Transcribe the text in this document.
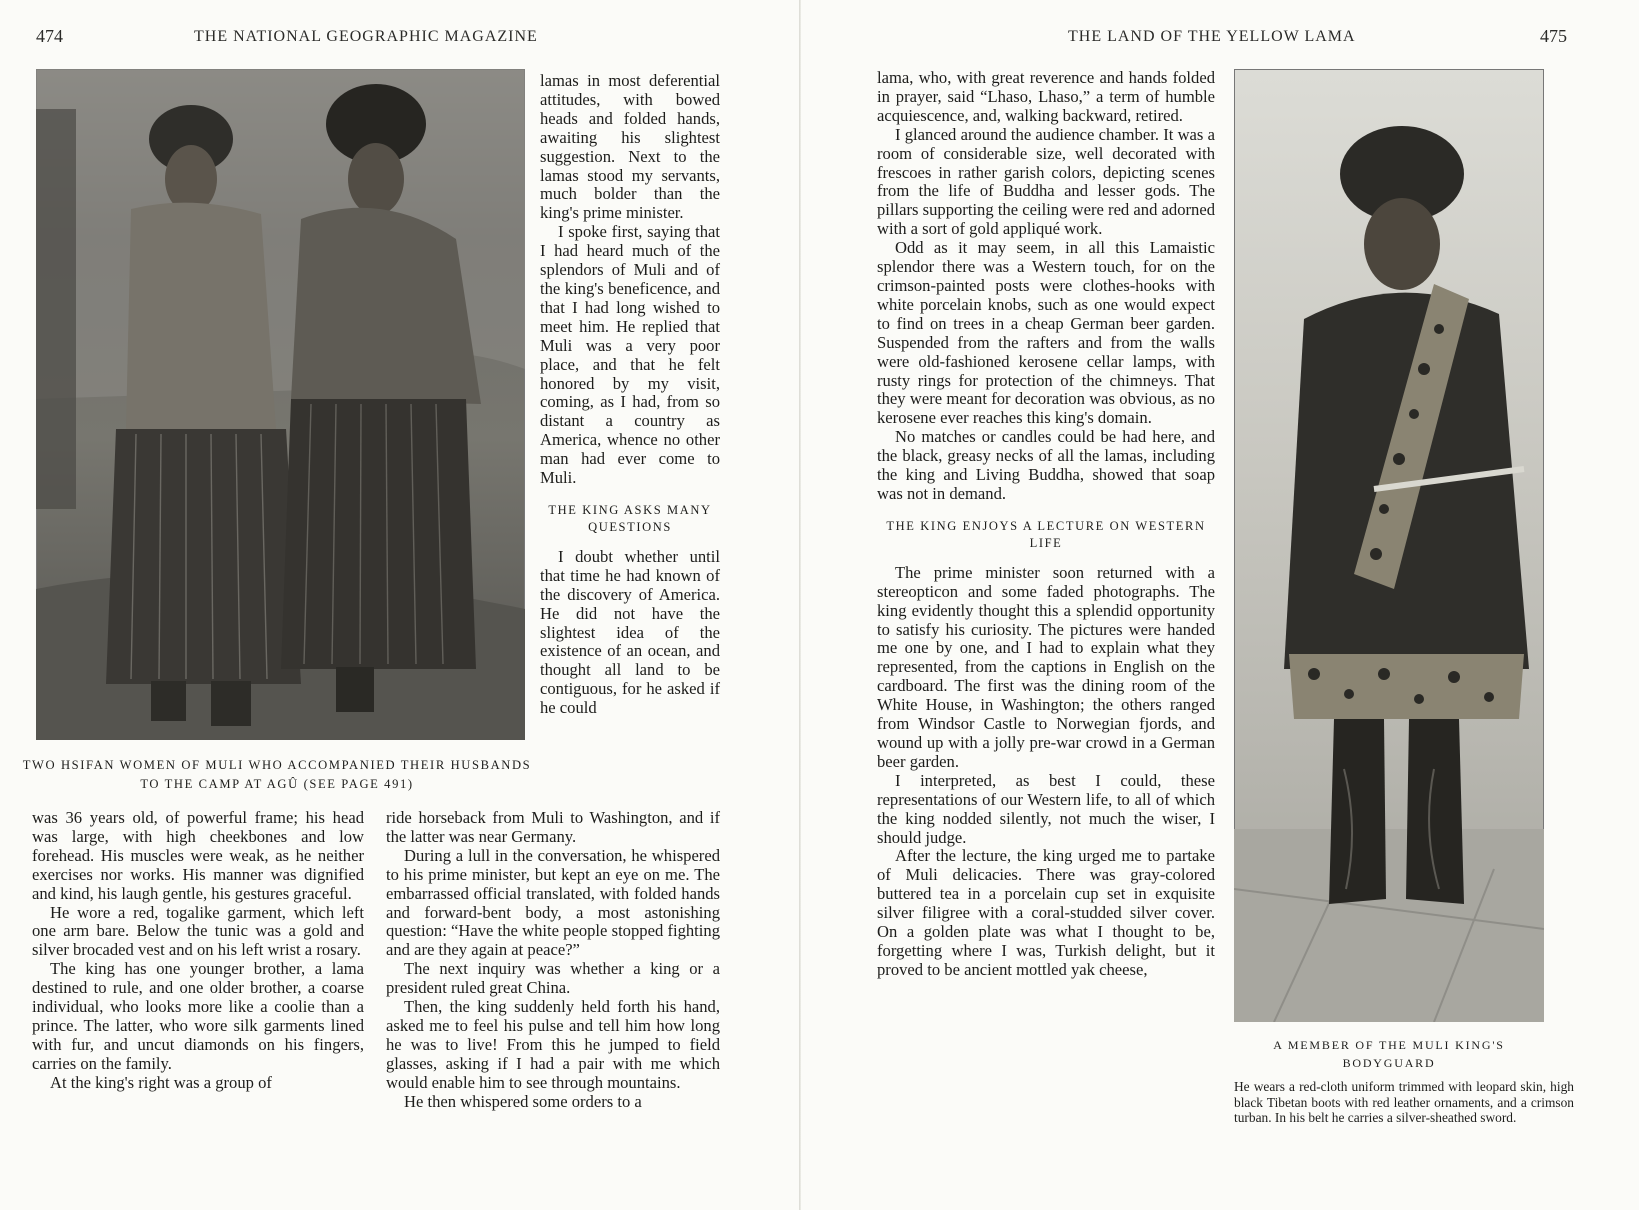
474	THE NATIONAL GEOGRAPHIC MAGAZINE
TWO HSIFAN WOMEN OF MULI WHO ACCOMPANIED THEIR HUSBANDS TO THE CAMP AT AGÛ (SEE PAGE 491)

lamas in most deferential attitudes, with bowed heads and folded hands, awaiting his slightest suggestion. Next to the lamas stood my servants, much bolder than the king's prime minister.

I spoke first, saying that I had heard much of the splendors of Muli and of the king's beneficence, and that I had long wished to meet him. He replied that Muli was a very poor place, and that he felt honored by my visit, coming, as I had, from so distant a country as America, whence no other man had ever come to Muli.

THE KING ASKS MANY QUESTIONS

I doubt whether until that time he had known of the discovery of America. He did not have the slightest idea of the existence of an ocean, and thought all land to be contiguous, for he asked if he could

was 36 years old, of powerful frame; his head was large, with high cheekbones and low forehead. His muscles were weak, as he neither exercises nor works. His manner was dignified and kind, his laugh gentle, his gestures graceful.

He wore a red, togalike garment, which left one arm bare. Below the tunic was a gold and silver brocaded vest and on his left wrist a rosary.

The king has one younger brother, a lama destined to rule, and one older brother, a coarse individual, who looks more like a coolie than a prince. The latter, who wore silk garments lined with fur, and uncut diamonds on his fingers, carries on the family.

At the king's right was a group of

ride horseback from Muli to Washington, and if the latter was near Germany.

During a lull in the conversation, he whispered to his prime minister, but kept an eye on me. The embarrassed official translated, with folded hands and forward-bent body, a most astonishing question: “Have the white people stopped fighting and are they again at peace?”

The next inquiry was whether a king or a president ruled great China.

Then, the king suddenly held forth his hand, asked me to feel his pulse and tell him how long he was to live! From this he jumped to field glasses, asking if I had a pair with me which would enable him to see through mountains.

He then whispered some orders to a

THE LAND OF THE YELLOW LAMA	475

lama, who, with great reverence and hands folded in prayer, said “Lhaso, Lhaso,” a term of humble acquiescence, and, walking backward, retired.

I glanced around the audience chamber. It was a room of considerable size, well decorated with frescoes in rather garish colors, depicting scenes from the life of Buddha and lesser gods. The pillars supporting the ceiling were red and adorned with a sort of gold appliqué work.

Odd as it may seem, in all this Lamaistic splendor there was a Western touch, for on the crimson-painted posts were clothes-hooks with white porcelain knobs, such as one would expect to find on trees in a cheap German beer garden. Suspended from the rafters and from the walls were old-fashioned kerosene cellar lamps, with rusty rings for protection of the chimneys. That they were meant for decoration was obvious, as no kerosene ever reaches this king's domain.

No matches or candles could be had here, and the black, greasy necks of all the lamas, including the king and Living Buddha, showed that soap was not in demand.

THE KING ENJOYS A LECTURE ON WESTERN LIFE

The prime minister soon returned with a stereopticon and some faded photographs. The king evidently thought this a splendid opportunity to satisfy his curiosity. The pictures were handed me one by one, and I had to explain what they represented, from the captions in English on the cardboard. The first was the dining room of the White House, in Washington; the others ranged from Windsor Castle to Norwegian fjords, and wound up with a jolly pre-war crowd in a German beer garden.

I interpreted, as best I could, these representations of our Western life, to all of which the king nodded silently, not much the wiser, I should judge.

After the lecture, the king urged me to partake of Muli delicacies. There was gray-colored buttered tea in a porcelain cup set in exquisite silver filigree with a coral-studded silver cover. On a golden plate was what I thought to be, forgetting where I was, Turkish delight, but it proved to be ancient mottled yak cheese,

A MEMBER OF THE MULI KING'S BODYGUARD
He wears a red-cloth uniform trimmed with leopard skin, high black Tibetan boots with red leather ornaments, and a crimson turban. In his belt he carries a silver-sheathed sword.
